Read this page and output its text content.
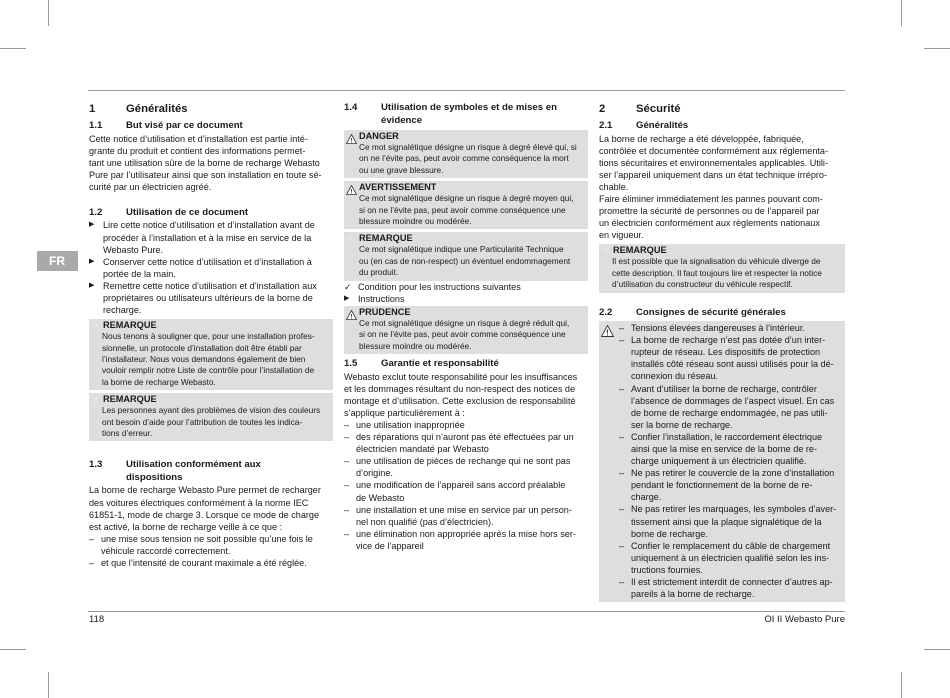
FR
1	Généralités
1.1	But visé par ce document
Cette notice d’utilisation et d’installation est partie inté-
grante du produit et contient des informations permet-
tant une utilisation sûre de la borne de recharge Webasto
Pure par l’utilisateur ainsi que son installation en toute sé-
curité par un électricien agréé.
1.2	Utilisation de ce document
▶ Lire cette notice d’utilisation et d’installation avant de
procéder à l’installation et à la mise en service de la
Webasto Pure.
▶ Conserver cette notice d’utilisation et d’installation à
portée de la main.
▶ Remettre cette notice d’utilisation et d’installation aux
propriétaires ou utilisateurs ultérieurs de la borne de
recharge.
☞ REMARQUE
Nous tenons à souligner que, pour une installation profes-
sionnelle, un protocole d’installation doit être établi par
l’installateur. Nous vous demandons également de bien
vouloir remplir notre Liste de contrôle pour l’installation de
la borne de recharge Webasto.
☞ REMARQUE
Les personnes ayant des problèmes de vision des couleurs
ont besoin d’aide pour l’attribution de toutes les indica-
tions d’erreur.
1.3	Utilisation conformément aux
dispositions
La borne de recharge Webasto Pure permet de recharger
des voitures électriques conformément à la norme IEC
61851-1, mode de charge 3. Lorsque ce mode de charge
est activé, la borne de recharge veille à ce que :
– une mise sous tension ne soit possible qu’une fois le
véhicule raccordé correctement.
– et que l’intensité de courant maximale a été réglée.
1.4	Utilisation de symboles et de mises en
évidence
!
DANGER
Ce mot signalétique désigne un risque à degré élevé qui, si
on ne l’évite pas, peut avoir comme conséquence la mort
ou une grave blessure.
!
AVERTISSEMENT
Ce mot signalétique désigne un risque à degré moyen qui,
si on ne l’évite pas, peut avoir comme conséquence une
blessure moindre ou modérée.
☞ REMARQUE
Ce mot signalétique indique une Particularité Technique
ou (en cas de non-respect) un éventuel endommagement
du produit.
✓ Condition pour les instructions suivantes
▶ Instructions
!
PRUDENCE
Ce mot signalétique désigne un risque à degré réduit qui,
si on ne l’évite pas, peut avoir comme conséquence une
blessure moindre ou modérée.
1.5	Garantie et responsabilité
Webasto exclut toute responsabilité pour les insuffisances
et les dommages résultant du non-respect des notices de
montage et d’utilisation. Cette exclusion de responsabilité
s’applique particulièrement à :
– une utilisation inappropriée
– des réparations qui n’auront pas été effectuées par un
électricien mandaté par Webasto
– une utilisation de pièces de rechange qui ne sont pas
d’origine.
– une modification de l’appareil sans accord préalable
de Webasto
– une installation et une mise en service par un person-
nel non qualifié (pas d’électricien).
– une élimination non appropriée après la mise hors ser-
vice de l’appareil
2	Sécurité
2.1	Généralités
La borne de recharge a été développée, fabriquée,
contrôlée et documentée conformément aux réglementa-
tions sécuritaires et environnementales applicables. Utili-
ser l’appareil uniquement dans un état technique irrépro-
chable.
Faire éliminer immédiatement les pannes pouvant com-
promettre la sécurité de personnes ou de l’appareil par
un électricien conformément aux règlements nationaux
en vigueur.
☞ REMARQUE
Il est possible que la signalisation du véhicule diverge de
cette description. Il faut toujours lire et respecter la notice
d’utilisation du constructeur du véhicule respectif.
2.2	Consignes de sécurité générales
! – Tensions élevées dangereuses à l’intérieur.
– La borne de recharge n’est pas dotée d’un inter-
rupteur de réseau. Les dispositifs de protection
installés côté réseau sont aussi utilisés pour la dé-
connexion du réseau.
– Avant d’utiliser la borne de recharge, contrôler
l’absence de dommages de l’aspect visuel. En cas
de borne de recharge endommagée, ne pas utili-
ser la borne de recharge.
– Confier l’installation, le raccordement électrique
ainsi que la mise en service de la borne de re-
charge uniquement à un électricien qualifié.
– Ne pas retirer le couvercle de la zone d’installation
pendant le fonctionnement de la borne de re-
charge.
– Ne pas retirer les marquages, les symboles d’aver-
tissement ainsi que la plaque signalétique de la
borne de recharge.
– Confier le remplacement du câble de chargement
uniquement à un électricien qualifié selon les ins-
tructions fournies.
– Il est strictement interdit de connecter d’autres ap-
pareils à la borne de recharge.
118	OI II Webasto Pure
